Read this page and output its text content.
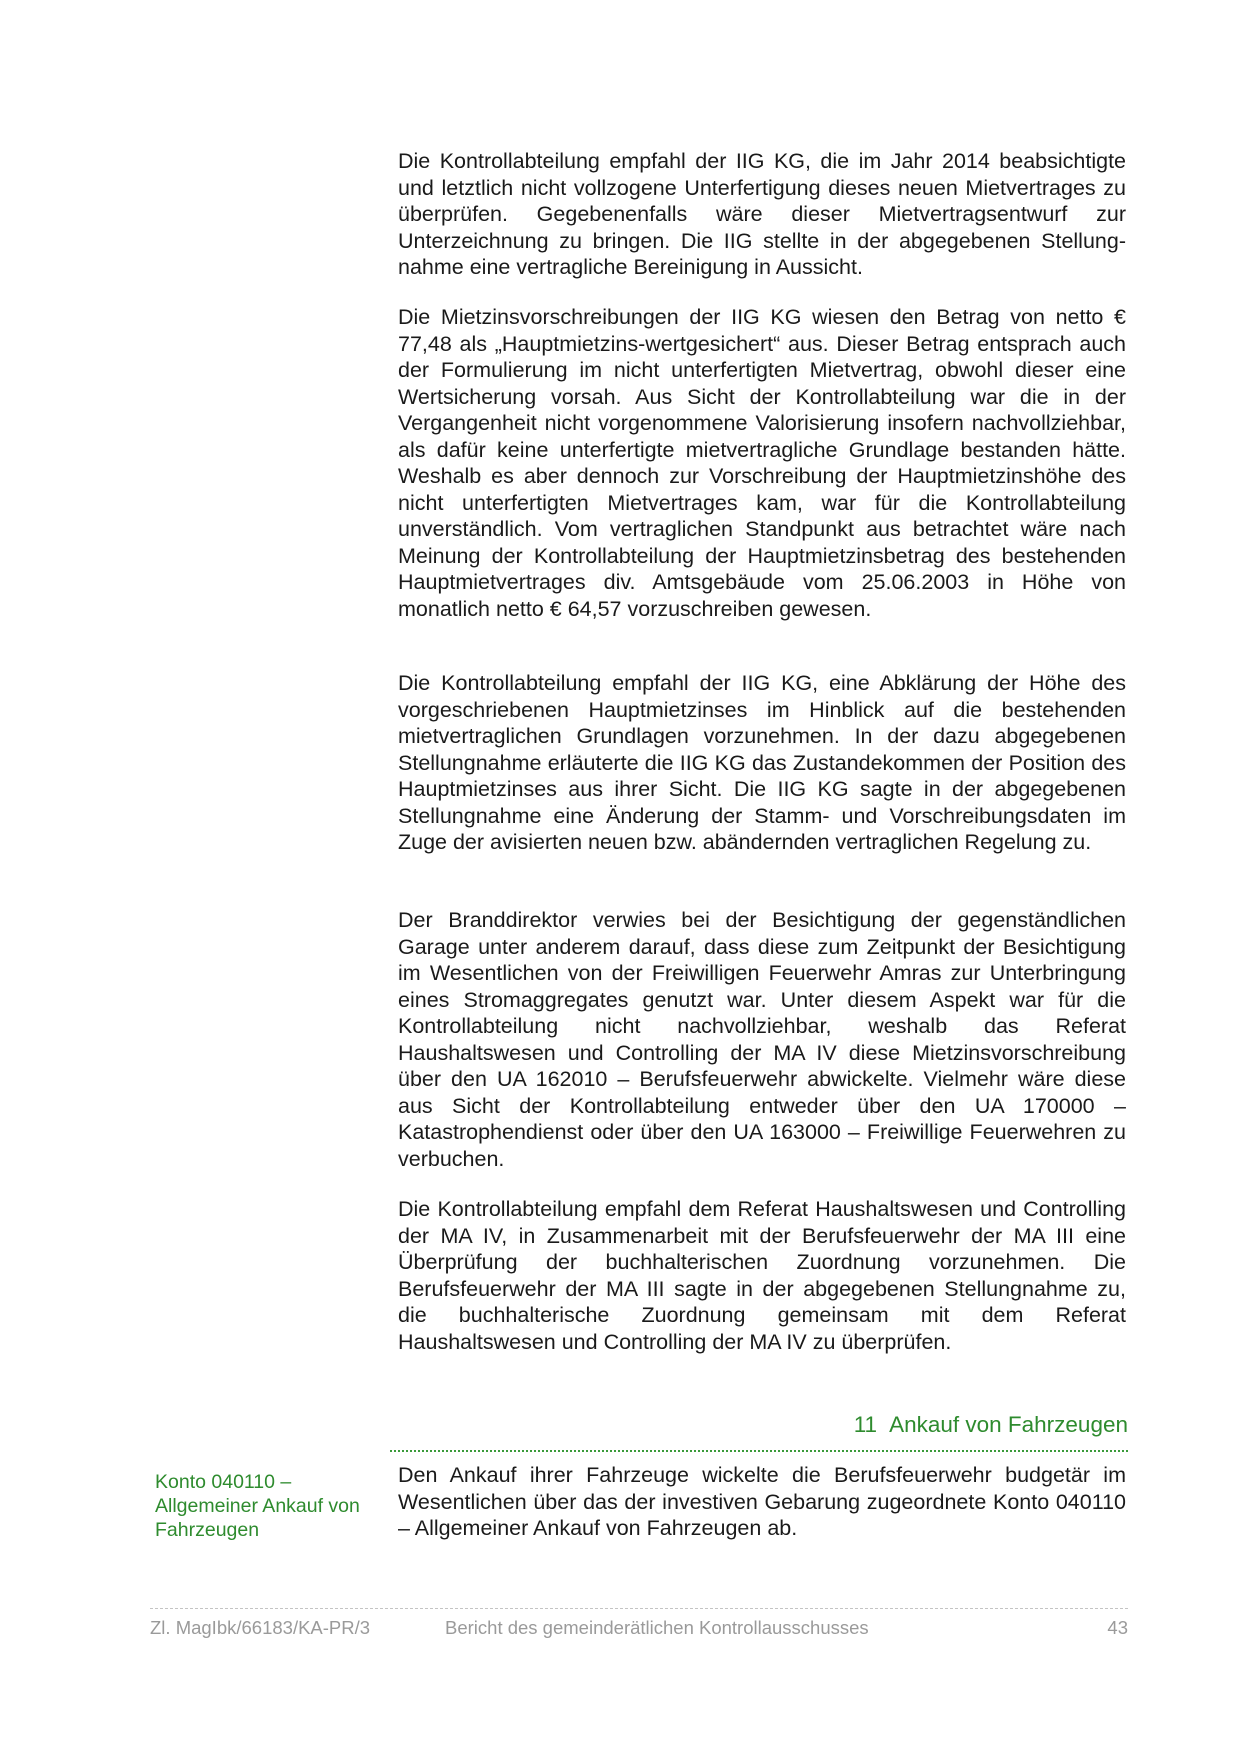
Die Kontrollabteilung empfahl der IIG KG, die im Jahr 2014 beabsichtigte und letztlich nicht vollzogene Unterfertigung dieses neuen Mietvertrages zu überprüfen. Gegebenenfalls wäre dieser Mietvertragsentwurf zur Unterzeichnung zu bringen. Die IIG stellte in der abgegebenen Stellungnahme eine vertragliche Bereinigung in Aussicht.

Die Mietzinsvorschreibungen der IIG KG wiesen den Betrag von netto € 77,48 als „Hauptmietzins-wertgesichert“ aus. Dieser Betrag entsprach auch der Formulierung im nicht unterfertigten Mietvertrag, obwohl dieser eine Wertsicherung vorsah. Aus Sicht der Kontrollabteilung war die in der Vergangenheit nicht vorgenommene Valorisierung insofern nachvollziehbar, als dafür keine unterfertigte mietvertragliche Grundlage bestanden hätte. Weshalb es aber dennoch zur Vorschreibung der Hauptmietzinshöhe des nicht unterfertigten Mietvertrages kam, war für die Kontrollabteilung unverständlich. Vom vertraglichen Standpunkt aus betrachtet wäre nach Meinung der Kontrollabteilung der Hauptmietzinsbetrag des bestehenden Hauptmietvertrages div. Amtsgebäude vom 25.06.2003 in Höhe von monatlich netto € 64,57 vorzuschreiben gewesen.

Die Kontrollabteilung empfahl der IIG KG, eine Abklärung der Höhe des vorgeschriebenen Hauptmietzinses im Hinblick auf die bestehenden mietvertraglichen Grundlagen vorzunehmen. In der dazu abgegebenen Stellungnahme erläuterte die IIG KG das Zustandekommen der Position des Hauptmietzinses aus ihrer Sicht. Die IIG KG sagte in der abgegebenen Stellungnahme eine Änderung der Stamm- und Vorschreibungsdaten im Zuge der avisierten neuen bzw. abändernden vertraglichen Regelung zu.

Der Branddirektor verwies bei der Besichtigung der gegenständlichen Garage unter anderem darauf, dass diese zum Zeitpunkt der Besichtigung im Wesentlichen von der Freiwilligen Feuerwehr Amras zur Unterbringung eines Stromaggregates genutzt war. Unter diesem Aspekt war für die Kontrollabteilung nicht nachvollziehbar, weshalb das Referat Haushaltswesen und Controlling der MA IV diese Mietzinsvorschreibung über den UA 162010 – Berufsfeuerwehr abwickelte. Vielmehr wäre diese aus Sicht der Kontrollabteilung entweder über den UA 170000 – Katastrophendienst oder über den UA 163000 – Freiwillige Feuerwehren zu verbuchen.

Die Kontrollabteilung empfahl dem Referat Haushaltswesen und Controlling der MA IV, in Zusammenarbeit mit der Berufsfeuerwehr der MA III eine Überprüfung der buchhalterischen Zuordnung vorzunehmen. Die Berufsfeuerwehr der MA III sagte in der abgegebenen Stellungnahme zu, die buchhalterische Zuordnung gemeinsam mit dem Referat Haushaltswesen und Controlling der MA IV zu überprüfen.

Den Ankauf ihrer Fahrzeuge wickelte die Berufsfeuerwehr budgetär im Wesentlichen über das der investiven Gebarung zugeordnete Konto 040110 – Allgemeiner Ankauf von Fahrzeugen ab.

11 Ankauf von Fahrzeugen
Konto 040110 – Allgemeiner Ankauf von Fahrzeugen
Zl. MagIbk/66183/KA-PR/3	Bericht des gemeinderätlichen Kontrollausschusses	43
